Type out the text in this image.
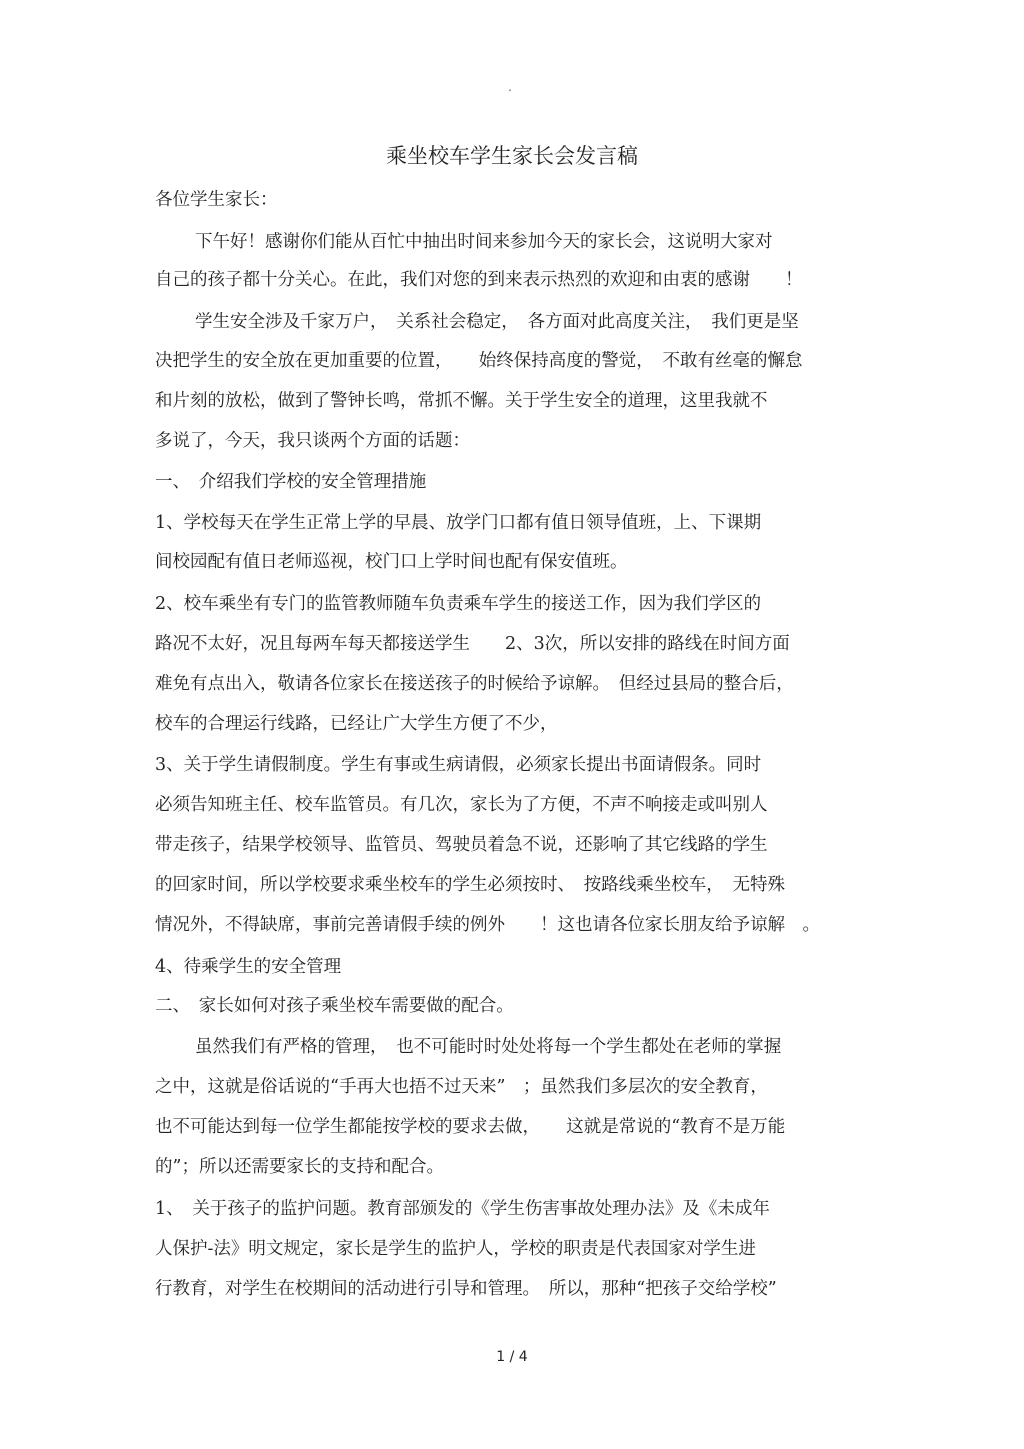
.
乘坐校车学生家长会发言稿
各位学生家长：
下午好！感谢你们能从百忙中抽出时间来参加今天的家长会，这说明大家对
自己的孩子都十分关心。在此，我们对您的到来表示热烈的欢迎和由衷的感谢　　！
学生安全涉及千家万户，　关系社会稳定，　各方面对此高度关注，　我们更是坚
决把学生的安全放在更加重要的位置，　　始终保持高度的警觉，　不敢有丝毫的懈怠
和片刻的放松，做到了警钟长鸣，常抓不懈。关于学生安全的道理，这里我就不
多说了，今天，我只谈两个方面的话题：
一、　介绍我们学校的安全管理措施
1、学校每天在学生正常上学的早晨、放学门口都有值日领导值班，上、下课期
间校园配有值日老师巡视，校门口上学时间也配有保安值班。
2、校车乘坐有专门的监管教师随车负责乘车学生的接送工作，因为我们学区的
路况不太好，况且每两车每天都接送学生　　2、3次，所以安排的路线在时间方面
难免有点出入，敬请各位家长在接送孩子的时候给予谅解。　但经过县局的整合后，
校车的合理运行线路，已经让广大学生方便了不少，
3、关于学生请假制度。学生有事或生病请假，必须家长提出书面请假条。同时
必须告知班主任、校车监管员。有几次，家长为了方便，不声不响接走或叫别人
带走孩子，结果学校领导、监管员、驾驶员着急不说，还影响了其它线路的学生
的回家时间，所以学校要求乘坐校车的学生必须按时、　按路线乘坐校车，　无特殊
情况外，不得缺席，事前完善请假手续的例外　　！这也请各位家长朋友给予谅解　。
4、待乘学生的安全管理
二、　家长如何对孩子乘坐校车需要做的配合。
虽然我们有严格的管理，　也不可能时时处处将每一个学生都处在老师的掌握
之中，这就是俗话说的“手再大也捂不过天来”　；虽然我们多层次的安全教育，
也不可能达到每一位学生都能按学校的要求去做，　　这就是常说的“教育不是万能
的”；所以还需要家长的支持和配合。
1、　关于孩子的监护问题。教育部颁发的《学生伤害事故处理办法》及《未成年
人保护-法》明文规定，家长是学生的监护人，学校的职责是代表国家对学生进
行教育，对学生在校期间的活动进行引导和管理。　所以，那种“把孩子交给学校”
1 / 4
